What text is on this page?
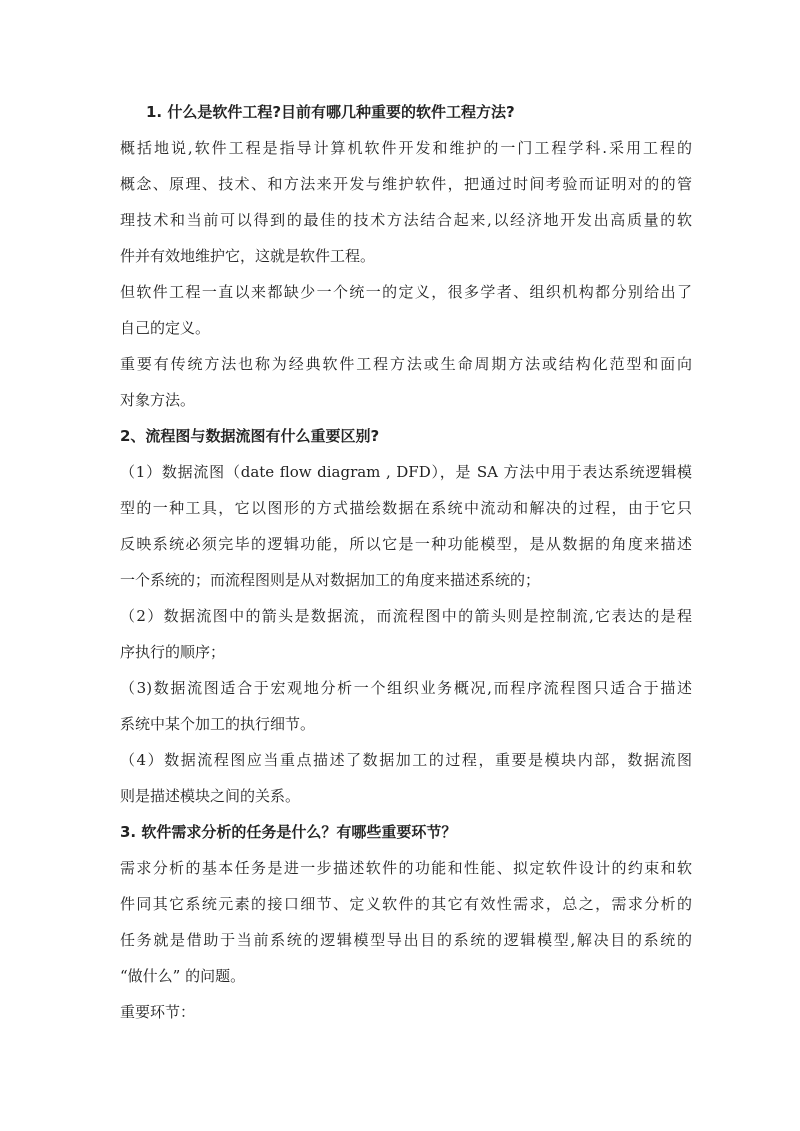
1. 什么是软件工程?目前有哪几种重要的软件工程方法?
概括地说,软件工程是指导计算机软件开发和维护的一门工程学科.采用工程的
概念、原理、技术、和方法来开发与维护软件，把通过时间考验而证明对的的管
理技术和当前可以得到的最佳的技术方法结合起来,以经济地开发出高质量的软
件并有效地维护它，这就是软件工程。
但软件工程一直以来都缺少一个统一的定义，很多学者、组织机构都分别给出了
自己的定义。
重要有传统方法也称为经典软件工程方法或生命周期方法或结构化范型和面向
对象方法。
2、流程图与数据流图有什么重要区别?
（1）数据流图（date flow diagram , DFD），是 SA 方法中用于表达系统逻辑模
型的一种工具，它以图形的方式描绘数据在系统中流动和解决的过程，由于它只
反映系统必须完毕的逻辑功能，所以它是一种功能模型，是从数据的角度来描述
一个系统的；而流程图则是从对数据加工的角度来描述系统的；
（2）数据流图中的箭头是数据流，而流程图中的箭头则是控制流,它表达的是程
序执行的顺序；
（3)数据流图适合于宏观地分析一个组织业务概况,而程序流程图只适合于描述
系统中某个加工的执行细节。
（4）数据流程图应当重点描述了数据加工的过程，重要是模块内部，数据流图
则是描述模块之间的关系。
3. 软件需求分析的任务是什么？有哪些重要环节？
需求分析的基本任务是进一步描述软件的功能和性能、拟定软件设计的约束和软
件同其它系统元素的接口细节、定义软件的其它有效性需求，总之，需求分析的
任务就是借助于当前系统的逻辑模型导出目的系统的逻辑模型,解决目的系统的
“做什么” 的问题。
重要环节：
